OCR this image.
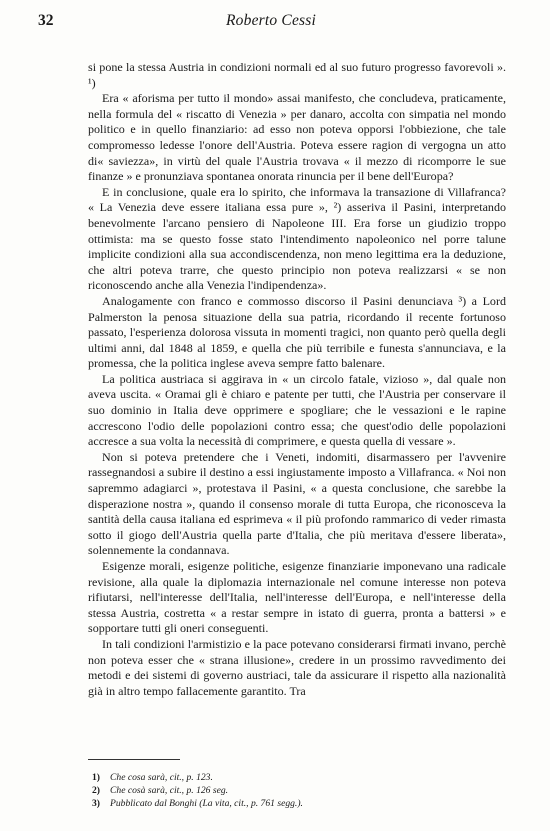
32	Roberto Cessi

si pone la stessa Austria in condizioni normali ed al suo futuro progresso favorevoli ». ¹)

Era « aforisma per tutto il mondo» assai manifesto, che concludeva, praticamente, nella formula del « riscatto di Venezia » per danaro, accolta con simpatia nel mondo politico e in quello finanziario: ad esso non poteva opporsi l'obbiezione, che tale compromesso ledesse l'onore dell'Austria. Poteva essere ragion di vergogna un atto di« saviezza», in virtù del quale l'Austria trovava « il mezzo di ricomporre le sue finanze » e pronunziava spontanea onorata rinuncia per il bene dell'Europa?

E in conclusione, quale era lo spirito, che informava la transazione di Villafranca? « La Venezia deve essere italiana essa pure », ²) asseriva il Pasini, interpretando benevolmente l'arcano pensiero di Napoleone III. Era forse un giudizio troppo ottimista: ma se questo fosse stato l'intendimento napoleonico nel porre talune implicite condizioni alla sua accondiscendenza, non meno legittima era la deduzione, che altri poteva trarre, che questo principio non poteva realizzarsi « se non riconoscendo anche alla Venezia l'indipendenza».

Analogamente con franco e commosso discorso il Pasini denunciava ³) a Lord Palmerston la penosa situazione della sua patria, ricordando il recente fortunoso passato, l'esperienza dolorosa vissuta in momenti tragici, non quanto però quella degli ultimi anni, dal 1848 al 1859, e quella che più terribile e funesta s'annunciava, e la promessa, che la politica inglese aveva sempre fatto balenare.

La politica austriaca si aggirava in « un circolo fatale, vizioso », dal quale non aveva uscita. « Oramai gli è chiaro e patente per tutti, che l'Austria per conservare il suo dominio in Italia deve opprimere e spogliare; che le vessazioni e le rapine accrescono l'odio delle popolazioni contro essa; che quest'odio delle popolazioni accresce a sua volta la necessità di comprimere, e questa quella di vessare ».

Non si poteva pretendere che i Veneti, indomiti, disarmassero per l'avvenire rassegnandosi a subire il destino a essi ingiustamente imposto a Villafranca. « Noi non sapremmo adagiarci », protestava il Pasini, « a questa conclusione, che sarebbe la disperazione nostra », quando il consenso morale di tutta Europa, che riconosceva la santità della causa italiana ed esprimeva « il più profondo rammarico di veder rimasta sotto il giogo dell'Austria quella parte d'Italia, che più meritava d'essere liberata», solennemente la condannava.

Esigenze morali, esigenze politiche, esigenze finanziarie imponevano una radicale revisione, alla quale la diplomazia internazionale nel comune interesse non poteva rifiutarsi, nell'interesse dell'Italia, nell'interesse dell'Europa, e nell'interesse della stessa Austria, costretta « a restar sempre in istato di guerra, pronta a battersi » e sopportare tutti gli oneri conseguenti.

In tali condizioni l'armistizio e la pace potevano considerarsi firmati invano, perchè non poteva esser che « strana illusione», credere in un prossimo ravvedimento dei metodi e dei sistemi di governo austriaci, tale da assicurare il rispetto alla nazionalità già in altro tempo fallacemente garantito. Tra

1) Che cosa sarà, cit., p. 123.
2) Che cosà sarà, cit., p. 126 seg.
3) Pubblicato dal Bonghi (La vita, cit., p. 761 segg.).
